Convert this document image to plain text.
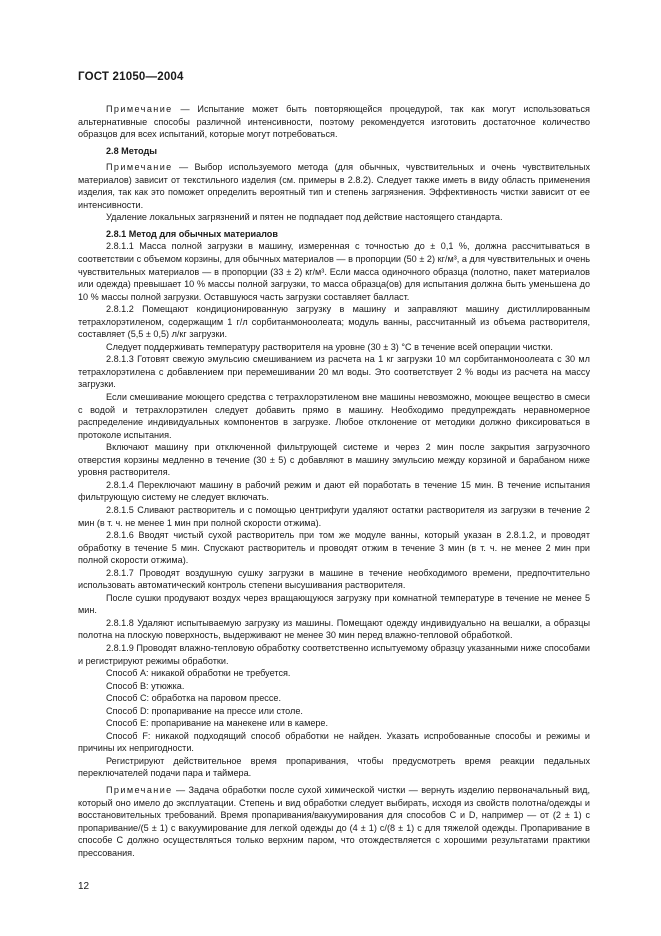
ГОСТ 21050—2004

Примечание — Испытание может быть повторяющейся процедурой, так как могут использоваться альтернативные способы различной интенсивности, поэтому рекомендуется изготовить достаточное количество образцов для всех испытаний, которые могут потребоваться.

2.8 Методы

Примечание — Выбор используемого метода (для обычных, чувствительных и очень чувствительных материалов) зависит от текстильного изделия (см. примеры в 2.8.2). Следует также иметь в виду область применения изделия, так как это поможет определить вероятный тип и степень загрязнения. Эффективность чистки зависит от ее интенсивности.

Удаление локальных загрязнений и пятен не подпадает под действие настоящего стандарта.

2.8.1 Метод для обычных материалов

2.8.1.1 Масса полной загрузки в машину, измеренная с точностью до ± 0,1 %, должна рассчитываться в соответствии с объемом корзины, для обычных материалов — в пропорции (50 ± 2) кг/м³, а для чувствительных и очень чувствительных материалов — в пропорции (33 ± 2) кг/м³. Если масса одиночного образца (полотно, пакет материалов или одежда) превышает 10 % массы полной загрузки, то масса образца(ов) для испытания должна быть уменьшена до 10 % массы полной загрузки. Оставшуюся часть загрузки составляет балласт.

2.8.1.2 Помещают кондиционированную загрузку в машину и заправляют машину дистиллированным тетрахлорэтиленом, содержащим 1 г/л сорбитанмоноолеата; модуль ванны, рассчитанный из объема растворителя, составляет (5,5 ± 0,5) л/кг загрузки.

Следует поддерживать температуру растворителя на уровне (30 ± 3) °С в течение всей операции чистки.

2.8.1.3 Готовят свежую эмульсию смешиванием из расчета на 1 кг загрузки 10 мл сорбитанмоноолеата с 30 мл тетрахлорэтилена с добавлением при перемешивании 20 мл воды. Это соответствует 2 % воды из расчета на массу загрузки.

Если смешивание моющего средства с тетрахлорэтиленом вне машины невозможно, моющее вещество в смеси с водой и тетрахлорэтилен следует добавить прямо в машину. Необходимо предупреждать неравномерное распределение индивидуальных компонентов в загрузке. Любое отклонение от методики должно фиксироваться в протоколе испытания.

Включают машину при отключенной фильтрующей системе и через 2 мин после закрытия загрузочного отверстия корзины медленно в течение (30 ± 5) с добавляют в машину эмульсию между корзиной и барабаном ниже уровня растворителя.

2.8.1.4 Переключают машину в рабочий режим и дают ей поработать в течение 15 мин. В течение испытания фильтрующую систему не следует включать.

2.8.1.5 Сливают растворитель и с помощью центрифуги удаляют остатки растворителя из загрузки в течение 2 мин (в т. ч. не менее 1 мин при полной скорости отжима).

2.8.1.6 Вводят чистый сухой растворитель при том же модуле ванны, который указан в 2.8.1.2, и проводят обработку в течение 5 мин. Спускают растворитель и проводят отжим в течение 3 мин (в т. ч. не менее 2 мин при полной скорости отжима).

2.8.1.7 Проводят воздушную сушку загрузки в машине в течение необходимого времени, предпочтительно использовать автоматический контроль степени высушивания растворителя.

После сушки продувают воздух через вращающуюся загрузку при комнатной температуре в течение не менее 5 мин.

2.8.1.8 Удаляют испытываемую загрузку из машины. Помещают одежду индивидуально на вешалки, а образцы полотна на плоскую поверхность, выдерживают не менее 30 мин перед влажно-тепловой обработкой.

2.8.1.9 Проводят влажно-тепловую обработку соответственно испытуемому образцу указанными ниже способами и регистрируют режимы обработки.

Способ А: никакой обработки не требуется.

Способ В: утюжка.

Способ С: обработка на паровом прессе.

Способ D: пропаривание на прессе или столе.

Способ Е: пропаривание на манекене или в камере.

Способ F: никакой подходящий способ обработки не найден. Указать испробованные способы и режимы и причины их непригодности.

Регистрируют действительное время пропаривания, чтобы предусмотреть время реакции педальных переключателей подачи пара и таймера.

Примечание — Задача обработки после сухой химической чистки — вернуть изделию первоначальный вид, который оно имело до эксплуатации. Степень и вид обработки следует выбирать, исходя из свойств полотна/одежды и восстановительных требований. Время пропаривания/вакуумирования для способов С и D, например — от (2 ± 1) с пропаривание/(5 ± 1) с вакуумирование для легкой одежды до (4 ± 1) с/(8 ± 1) с для тяжелой одежды. Пропаривание в способе С должно осуществляться только верхним паром, что отождествляется с хорошими результатами практики прессования.

12
